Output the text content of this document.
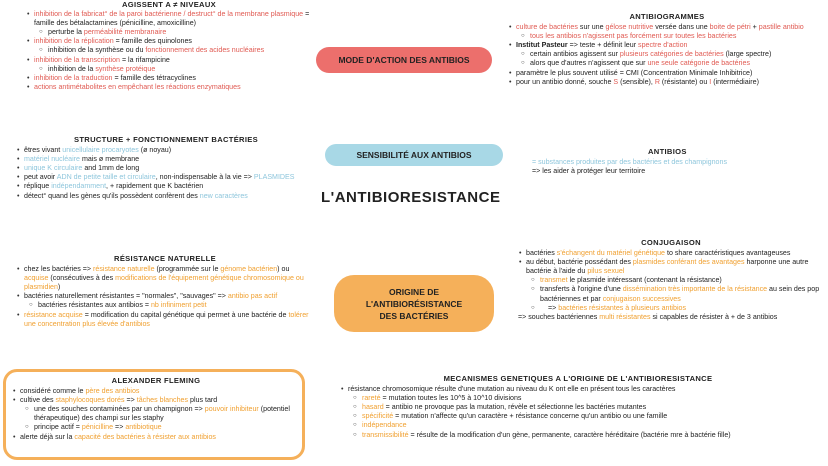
AGISSENT A ≠ NIVEAUX
• inhibition de la fabricat° de la paroi bactérienne / destruct° de la membrane plasmique = famille des bétalactamines (pénicilline, amoxicilline)
○ perturbe la perméabilité membranaire
• inhibition de la réplication = famille des quinolones
○ inhibition de la synthèse ou du fonctionnement des acides nucléaires
• inhibition de la transcription = la rifampicine
○ inhibition de la synthèse protéique
• inhibition de la traduction = famille des tétracyclines
• actions antimétabolites en empêchant les réactions enzymatiques
MODE D'ACTION DES ANTIBIOS
ANTIBIOGRAMMES
• culture de bactéries sur une gélose nutritive versée dans une boite de pétri + pastille antibio
○ tous les antibios n'agissent pas forcément sur toutes les bactéries
• Institut Pasteur => teste + définit leur spectre d'action
○ certain antibios agissent sur plusieurs catégories de bactéries (large spectre)
○ alors que d'autres n'agissent que sur une seule catégorie de bactéries
• paramètre le plus souvent utilisé = CMI (Concentration Minimale Inhibitrice)
• pour un antibio donné, souche S (sensible), R (résistante) ou I (intermédiaire)
STRUCTURE + FONCTIONNEMENT BACTÉRIES
• êtres vivant unicellulaire procaryotes (ø noyau)
• matériel nucléaire mais ø membrane
• unique K circulaire and 1mm de long
• peut avoir ADN de petite taille et circulaire, non-indispensable à la vie => PLASMIDES
• réplique indépendamment, + rapidement que K bactérien
• détect° quand les gènes qu'ils possèdent confèrent des new caractères
SENSIBILITÉ AUX ANTIBIOS	ANTIBIOS
= substances produites par des bactéries et des champignons
=> les aider à protéger leur territoire
L'ANTIBIORESISTANCE
RÉSISTANCE NATURELLE
• chez les bactéries => résistance naturelle (programmée sur le génome bactérien) ou acquise (consécutives à des modifications de l'équipement génétique chromosomique ou plasmidien)
• bactéries naturellement résistantes = "normales", "sauvages" => antibio pas actif
○ bactéries résistantes aux antibios = nb infiniment petit
• résistance acquise = modification du capital génétique qui permet à une bactérie de tolérer une concentration plus élevée d'antibios
ORIGINE DE
L'ANTIBIORÉSISTANCE
DES BACTÉRIES
CONJUGAISON
• bactéries s'échangent du matériel génétique to share caractéristiques avantageuses
• au début, bactérie possédant des plasmides conférant des avantages harponne une autre bactérie à l'aide du pilus sexuel
○ transmet le plasmide intéressant (contenant la résistance)
○ transferts à l'origine d'une dissémination très importante de la résistance au sein des pop bactériennes et par conjugaison successives
○ => bactéries résistantes à plusieurs antibios
=> souches bactériennes multi résistantes si capables de résister à + de 3 antibios
ALEXANDER FLEMING
• considéré comme le père des antibios
• cultive des staphylocoques dorés => tâches blanches plus tard
○ une des souches contaminées par un champignon => pouvoir inhibiteur (potentiel thérapeutique) des champi sur les staphy
○ principe actif = pénicilline => antibiotique
• alerte déjà sur la capacité des bactéries à résister aux antibios
MECANISMES GENETIQUES A L'ORIGINE DE L'ANTIBIORESISTANCE
• résistance chromosomique résulte d'une mutation au niveau du K ont elle en présent tous les caractères
○ rareté = mutation toutes les 10^5 à 10^10 divisions
○ hasard = antibio ne provoque pas la mutation, révèle et sélectionne les bactéries mutantes
○ spécificité = mutation n'affecte qu'un caractère + résistance concerne qu'un antibio ou une famille
○ indépendance
○ transmissibilité = résulte de la modification d'un gène, permanente, caractère héréditaire (bactérie mre à bactérie fille)
